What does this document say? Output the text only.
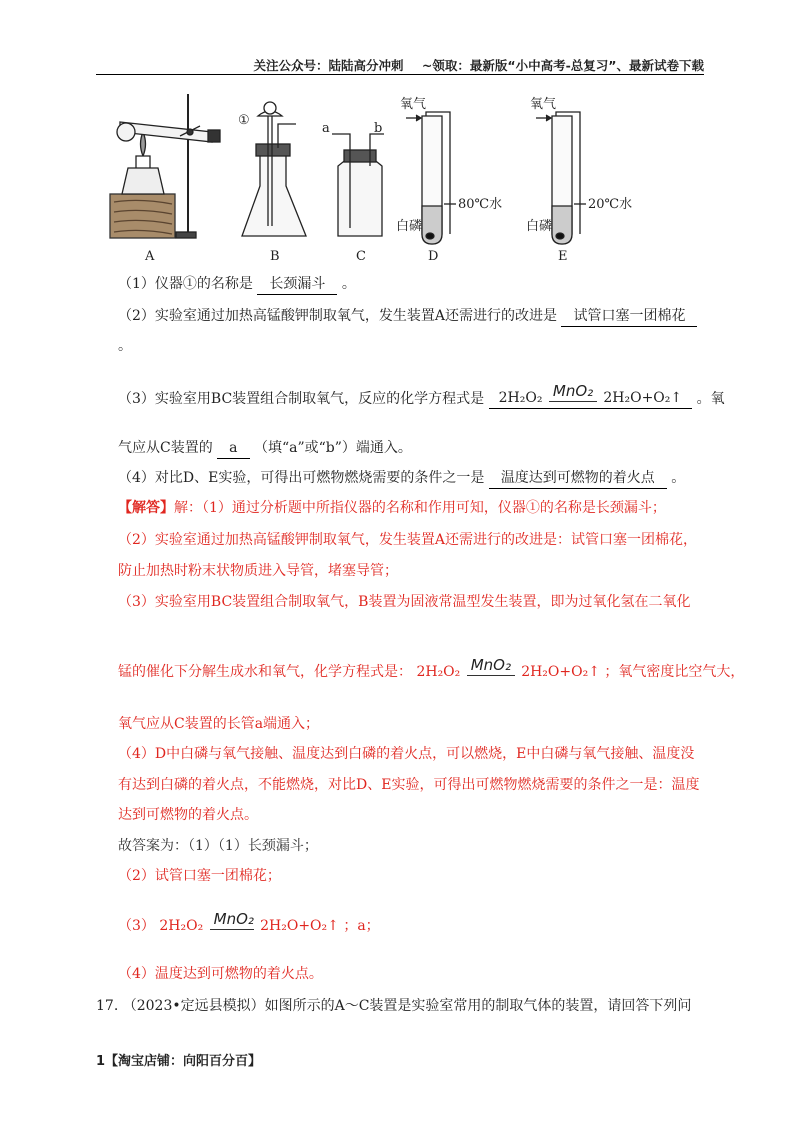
关注公众号：陆陆高分冲刺 ~领取：最新版“小中高考-总复习”、最新试卷下载
A	B	C	D	E
①
a	b
氧气	氧气
白磷	白磷
80℃水	20℃水
（1）仪器①的名称是 长颈漏斗 。
（2）实验室通过加热高锰酸钾制取氧气，发生装置A还需进行的改进是 试管口塞一团棉花
。
（3）实验室用BC装置组合制取氧气，反应的化学方程式是 2H₂O₂ MnO₂ 2H₂O+O₂↑ 。氧
气应从C装置的 a （填“a”或“b”）端通入。
（4）对比D、E实验，可得出可燃物燃烧需要的条件之一是 温度达到可燃物的着火点 。
【解答】解：（1）通过分析题中所指仪器的名称和作用可知，仪器①的名称是长颈漏斗；
（2）实验室通过加热高锰酸钾制取氧气，发生装置A还需进行的改进是：试管口塞一团棉花，
防止加热时粉末状物质进入导管，堵塞导管；
（3）实验室用BC装置组合制取氧气，B装置为固液常温型发生装置，即为过氧化氢在二氧化
锰的催化下分解生成水和氧气，化学方程式是： 2H₂O₂ MnO₂ 2H₂O+O₂↑ ；氧气密度比空气大，
氧气应从C装置的长管a端通入；
（4）D中白磷与氧气接触、温度达到白磷的着火点，可以燃烧，E中白磷与氧气接触、温度没
有达到白磷的着火点，不能燃烧，对比D、E实验，可得出可燃物燃烧需要的条件之一是：温度
达到可燃物的着火点。
故答案为：（1）（1）长颈漏斗；
（2）试管口塞一团棉花；
（3） 2H₂O₂ MnO₂ 2H₂O+O₂↑ ；a；
（4）温度达到可燃物的着火点。
17. （2023•定远县模拟）如图所示的A～C装置是实验室常用的制取气体的装置，请回答下列问
1【淘宝店铺：向阳百分百】
